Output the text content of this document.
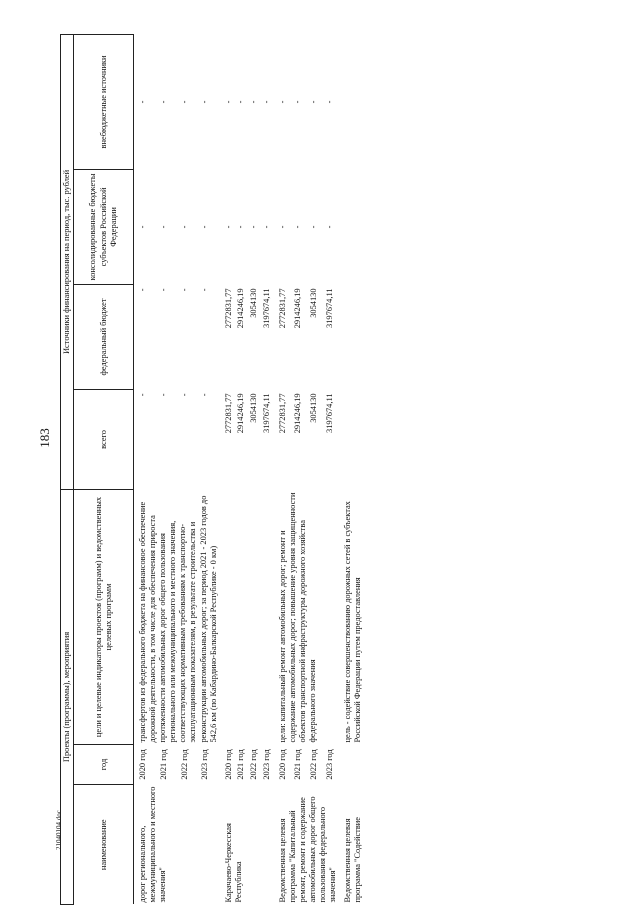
183
21040104.doc
Проекты (программы), мероприятия			Источники финансирования на период, тыс. рублей			
наименование	год	цели и целевые индикаторы проектов (программ) и ведомственных целевых программ	всего	федеральный бюджет	консолидированные бюджеты субъектов Российской Федерации	внебюджетные источники
дорог регионального, межмуниципального и местного значения"	2020 год	трансфертов из федерального бюджета на финансовое обеспечение дорожной деятельности, в том числе для обеспечения прироста протяженности автомобильных дорог общего пользования регионального или межмуниципального и местного значения, соответствующих нормативным требованиям к транспортно-эксплуатационным показателям, в результате строительства и реконструкции автомобильных дорог; за период 2021 - 2023 годов до 542,6 км (по Кабардино-Балкарской Республике - 0 км)	-	-	-	-
	2021 год		-	-	-	-
	2022 год		-	-	-	-
	2023 год		-	-	-	-
Карачаево-Черкесская Республика	2020 год		2772831,77	2772831,77	-	-
	2021 год		2914246,19	2914246,19	-	-
	2022 год		3054130	3054130	-	-
	2023 год		3197674,11	3197674,11	-	-
Ведомственная целевая программа "Капитальный ремонт, ремонт и содержание автомобильных дорог общего пользования федерального значения"	2020 год	цели: капитальный ремонт автомобильных дорог; ремонт и содержание автомобильных дорог; повышение уровня защищенности объектов транспортной инфраструктуры дорожного хозяйства федерального значения	2772831,77	2772831,77	-	-
	2021 год		2914246,19	2914246,19	-	-
	2022 год		3054130	3054130	-	-
	2023 год		3197674,11	3197674,11	-	-
Ведомственная целевая программа "Содействие		цель - содействие совершенствованию дорожных сетей в субъектах Российской Федерации путем предоставления				
